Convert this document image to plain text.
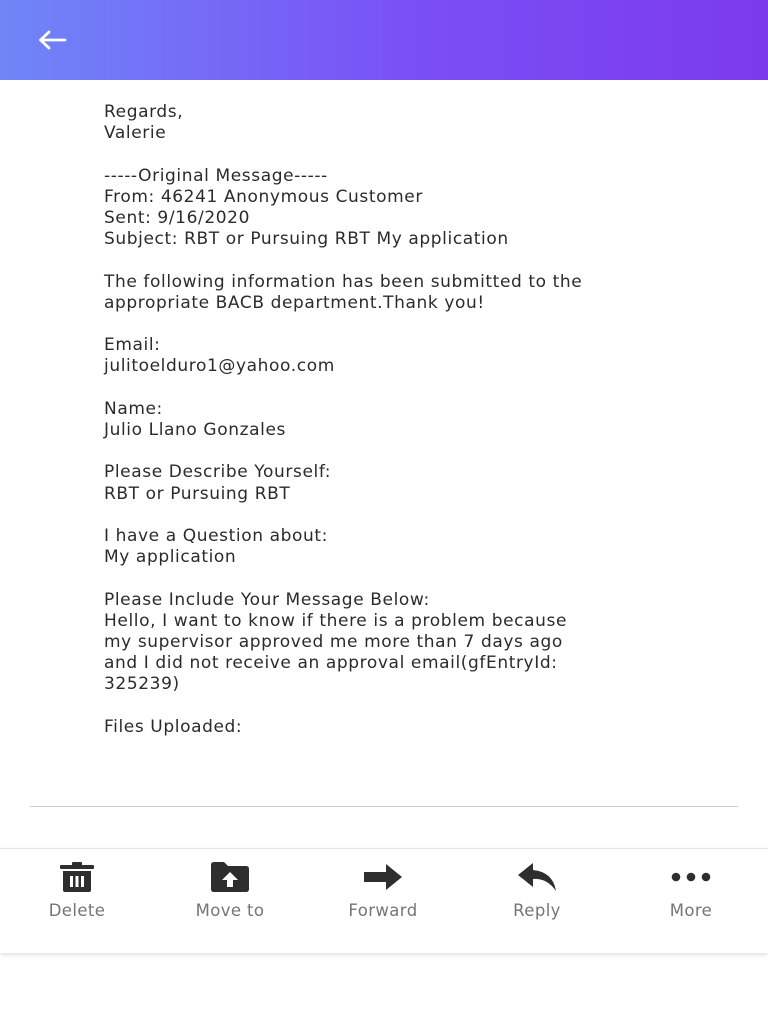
Regards,
Valerie
-----Original Message-----
From: 46241 Anonymous Customer
Sent: 9/16/2020
Subject: RBT or Pursuing RBT My application
The following information has been submitted to the
appropriate BACB department.Thank you!
Email:
julitoelduro1@yahoo.com
Name:
Julio Llano Gonzales
Please Describe Yourself:
RBT or Pursuing RBT
I have a Question about:
My application
Please Include Your Message Below:
Hello, I want to know if there is a problem because
my supervisor approved me more than 7 days ago
and I did not receive an approval email(gfEntryId:
325239)
Files Uploaded:
Delete	Move to	Forward	Reply	More
